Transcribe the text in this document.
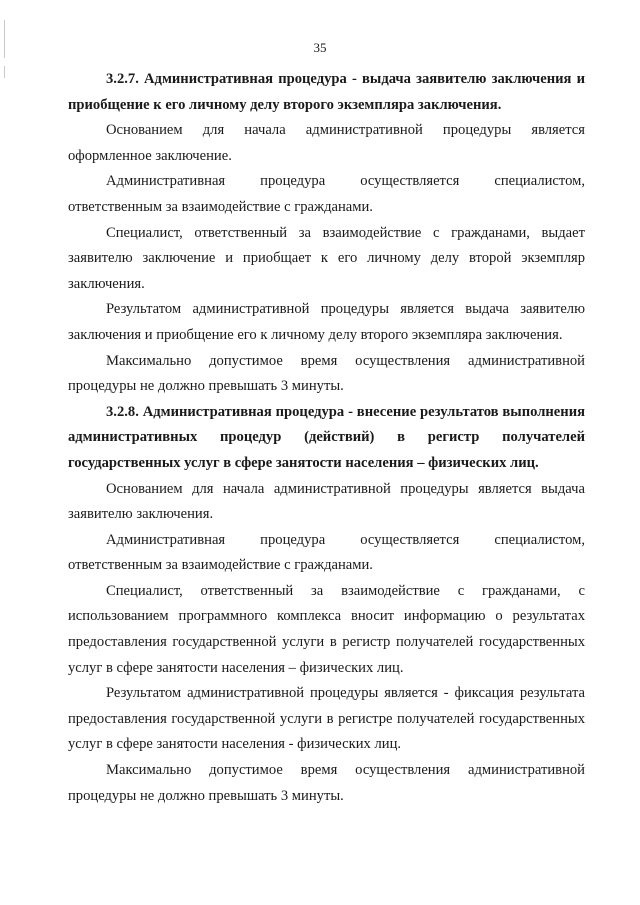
35

3.2.7. Административная процедура - выдача заявителю заключения и приобщение к его личному делу второго экземпляра заключения.

Основанием для начала административной процедуры является оформленное заключение.

Административная процедура осуществляется специалистом, ответственным за взаимодействие с гражданами.

Специалист, ответственный за взаимодействие с гражданами, выдает заявителю заключение и приобщает к его личному делу второй экземпляр заключения.

Результатом административной процедуры является выдача заявителю заключения и приобщение его к личному делу второго экземпляра заключения.

Максимально допустимое время осуществления административной процедуры не должно превышать 3 минуты.

3.2.8. Административная процедура - внесение результатов выполнения административных процедур (действий) в регистр получателей государственных услуг в сфере занятости населения – физических лиц.

Основанием для начала административной процедуры является выдача заявителю заключения.

Административная процедура осуществляется специалистом, ответственным за взаимодействие с гражданами.

Специалист, ответственный за взаимодействие с гражданами, с использованием программного комплекса вносит информацию о результатах предоставления государственной услуги в регистр получателей государственных услуг в сфере занятости населения – физических лиц.

Результатом административной процедуры является - фиксация результата предоставления государственной услуги в регистре получателей государственных услуг в сфере занятости населения - физических лиц.

Максимально допустимое время осуществления административной процедуры не должно превышать 3 минуты.
